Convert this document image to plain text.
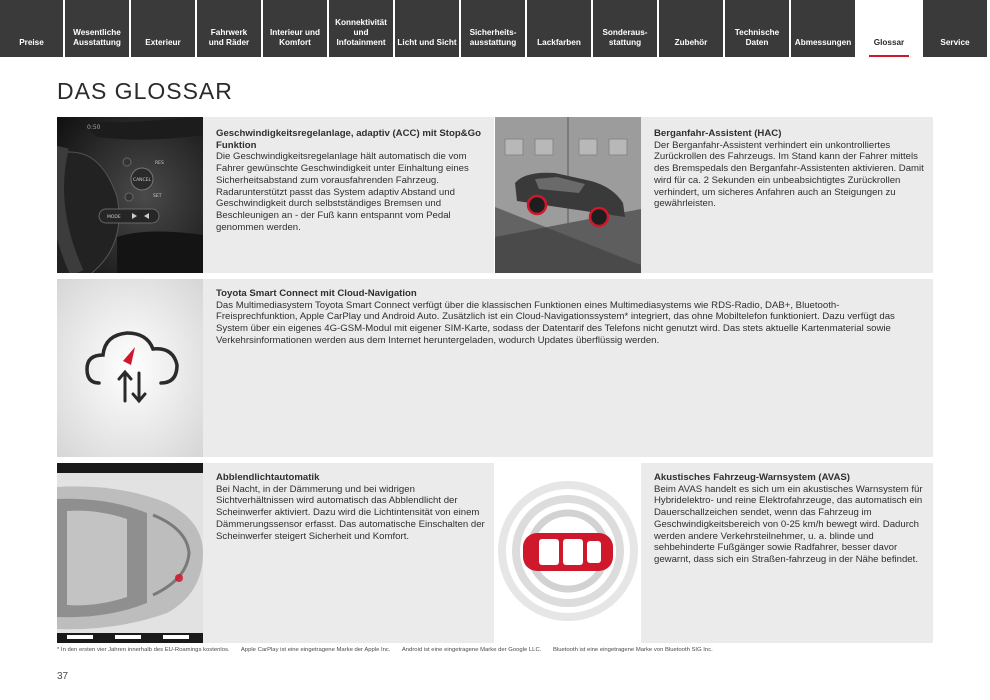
Preise
Wesentliche
Ausstattung	Exterieur
Fahrwerk
und Räder
Interieur und
Komfort
Konnektivität
und
Infotainment Licht und Sicht
Sicherheits-
ausstattung	Lackfarben
Sonderaus-
stattung	Zubehör
Technische
Daten	Abmessungen	Glossar	Service
DAS GLOSSAR
0:50
CANCEL
RES
SET
MODE
Geschwindigkeitsregelanlage, adaptiv (ACC) mit Stop&Go Funktion
Die Geschwindigkeitsregelanlage hält automatisch die vom Fahrer gewünschte Geschwindigkeit unter Einhaltung eines Sicherheitsabstand zum vorausfahrenden Fahrzeug. Radarunterstützt passt das System adaptiv Abstand und Geschwindigkeit durch selbstständiges Bremsen und Beschleunigen an - der Fuß kann entspannt vom Pedal genommen werden.
Berganfahr-Assistent (HAC)
Der Berganfahr-Assistent verhindert ein unkontrolliertes Zurückrollen des Fahrzeugs. Im Stand kann der Fahrer mittels des Bremspedals den Berganfahr-Assistenten aktivieren. Damit wird für ca. 2 Sekunden ein unbeabsichtigtes Zurückrollen verhindert, um sicheres Anfahren auch an Steigungen zu gewährleisten.
Toyota Smart Connect mit Cloud-Navigation
Das Multimediasystem Toyota Smart Connect verfügt über die klassischen Funktionen eines Multimediasystems wie RDS-Radio, DAB+, Bluetooth-Freisprechfunktion, Apple CarPlay und Android Auto. Zusätzlich ist ein Cloud-Navigationssystem* integriert, das ohne Mobiltelefon funktioniert. Dazu verfügt das System über ein eigenes 4G-GSM-Modul mit eigener SIM-Karte, sodass der Datentarif des Telefons nicht genutzt wird. Das stets aktuelle Kartenmaterial sowie Verkehrsinformationen werden aus dem Internet heruntergeladen, wodurch Updates überflüssig werden.
Abblendlichtautomatik
Bei Nacht, in der Dämmerung und bei widrigen Sichtverhältnissen wird automatisch das Abblendlicht der Scheinwerfer aktiviert. Dazu wird die Lichtintensität von einem Dämmerungssensor erfasst. Das automatische Einschalten der Scheinwerfer steigert Sicherheit und Komfort.
Akustisches Fahrzeug-Warnsystem (AVAS)
Beim AVAS handelt es sich um ein akustisches Warnsystem für Hybridelektro- und reine Elektrofahrzeuge, das automatisch ein Dauerschallzeichen sendet, wenn das Fahrzeug im Geschwindigkeitsbereich von 0-25 km/h bewegt wird. Dadurch werden andere Verkehrsteilnehmer, u. a. blinde und sehbehinderte Fußgänger sowie Radfahrer, besser davor gewarnt, dass sich ein Straßen-fahrzeug in der Nähe befindet.
* In den ersten vier Jahren innerhalb des EU-Roamings kostenlos. Apple CarPlay ist eine eingetragene Marke der Apple Inc. Android ist eine eingetragene Marke der Google LLC. Bluetooth ist eine eingetragene Marke von Bluetooth SIG Inc.
37
